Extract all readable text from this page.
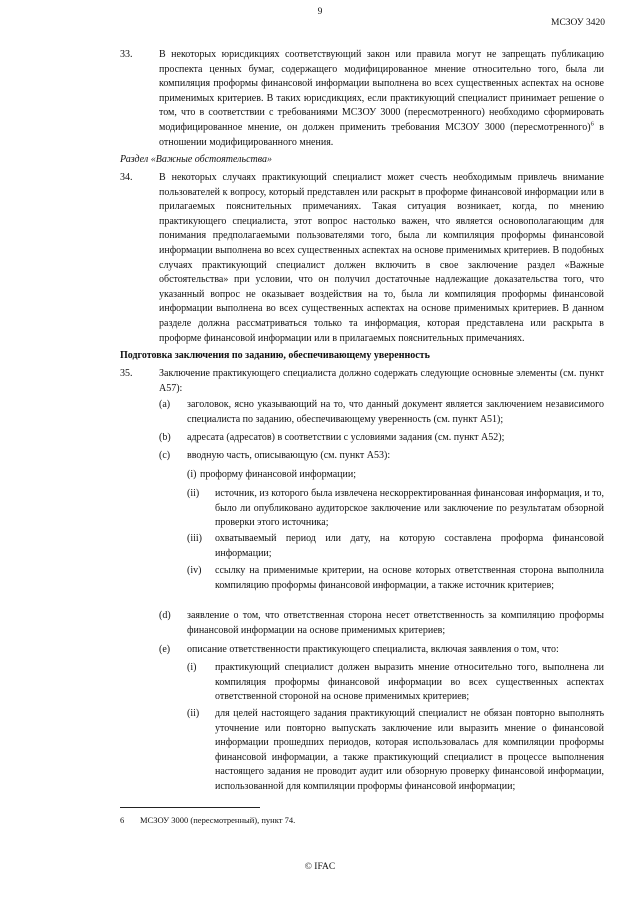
9
МСЗОУ 3420
33.	В некоторых юрисдикциях соответствующий закон или правила могут не запрещать публикацию проспекта ценных бумаг, содержащего модифицированное мнение относительно того, была ли компиляция проформы финансовой информации выполнена во всех существенных аспектах на основе применимых критериев. В таких юрисдикциях, если практикующий специалист принимает решение о том, что в соответствии с требованиями МСЗОУ 3000 (пересмотренного) необходимо сформировать модифицированное мнение, он должен применить требования МСЗОУ 3000 (пересмотренного)$^6$ в отношении модифицированного мнения.

Раздел «Важные обстоятельства»
34.	В некоторых случаях практикующий специалист может счесть необходимым привлечь внимание пользователей к вопросу, который представлен или раскрыт в проформе финансовой информации или в прилагаемых пояснительных примечаниях. Такая ситуация возникает, когда, по мнению практикующего специалиста, этот вопрос настолько важен, что является основополагающим для понимания предполагаемыми пользователями того, была ли компиляция проформы финансовой информации выполнена во всех существенных аспектах на основе применимых критериев. В подобных случаях практикующий специалист должен включить в свое заключение раздел «Важные обстоятельства» при условии, что он получил достаточные надлежащие доказательства того, что указанный вопрос не оказывает воздействия на то, была ли компиляция проформы финансовой информации выполнена во всех существенных аспектах на основе применимых критериев. В данном разделе должна рассматриваться только та информация, которая представлена или раскрыта в проформе финансовой информации или в прилагаемых пояснительных примечаниях.

Подготовка заключения по заданию, обеспечивающему уверенность
35.	Заключение практикующего специалиста должно содержать следующие основные элементы (см. пункт A57):

(a) заголовок, ясно указывающий на то, что данный документ является заключением независимого специалиста по заданию, обеспечивающему уверенность (см. пункт A51);

(b) адресата (адресатов) в соответствии с условиями задания (см. пункт A52);

(c) вводную часть, описывающую (см. пункт A53):

(i) проформу финансовой информации;

(ii) источник, из которого была извлечена нескорректированная финансовая информация, и то, было ли опубликовано аудиторское заключение или заключение по результатам обзорной проверки этого источника;

(iii) охватываемый период или дату, на которую составлена проформа финансовой информации;

(iv) ссылку на применимые критерии, на основе которых ответственная сторона выполнила компиляцию проформы финансовой информации, а также источник критериев;

(d) заявление о том, что ответственная сторона несет ответственность за компиляцию проформы финансовой информации на основе применимых критериев;

(e) описание ответственности практикующего специалиста, включая заявления о том, что:

(i) практикующий специалист должен выразить мнение относительно того, выполнена ли компиляция проформы финансовой информации во всех существенных аспектах ответственной стороной на основе применимых критериев;

(ii) для целей настоящего задания практикующий специалист не обязан повторно выполнять уточнение или повторно выпускать заключение или выразить мнение о финансовой информации прошедших периодов, которая использовалась для компиляции проформы финансовой информации, а также практикующий специалист в процессе выполнения настоящего задания не проводит аудит или обзорную проверку финансовой информации, использованной для компиляции проформы финансовой информации;

6 МСЗОУ 3000 (пересмотренный), пункт 74.
© IFAC
